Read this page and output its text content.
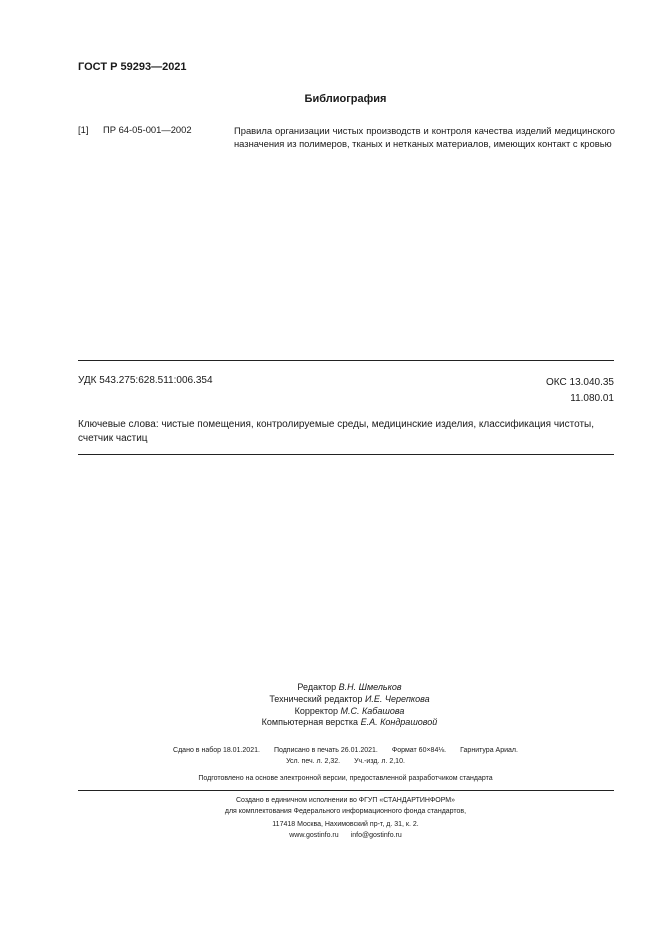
ГОСТ Р 59293—2021
Библиография
[1] ПР 64-05-001—2002	Правила организации чистых производств и контроля качества изделий медицинского назначения из полимеров, тканых и нетканых материалов, имеющих контакт с кровью
УДК 543.275:628.511:006.354	ОКС 13.040.35
11.080.01
Ключевые слова: чистые помещения, контролируемые среды, медицинские изделия, классификация чистоты, счетчик частиц
Редактор В.Н. Шмельков
Технический редактор И.Е. Черепкова
Корректор М.С. Кабашова
Компьютерная верстка Е.А. Кондрашовой
Сдано в набор 18.01.2021. Подписано в печать 26.01.2021. Формат 60×84⅛. Гарнитура Ариал.
Усл. печ. л. 2,32. Уч.-изд. л. 2,10.
Подготовлено на основе электронной версии, предоставленной разработчиком стандарта
Создано в единичном исполнении во ФГУП «СТАНДАРТИНФОРМ»
для комплектования Федерального информационного фонда стандартов,
117418 Москва, Нахимовский пр-т, д. 31, к. 2.
www.gostinfo.ru info@gostinfo.ru
